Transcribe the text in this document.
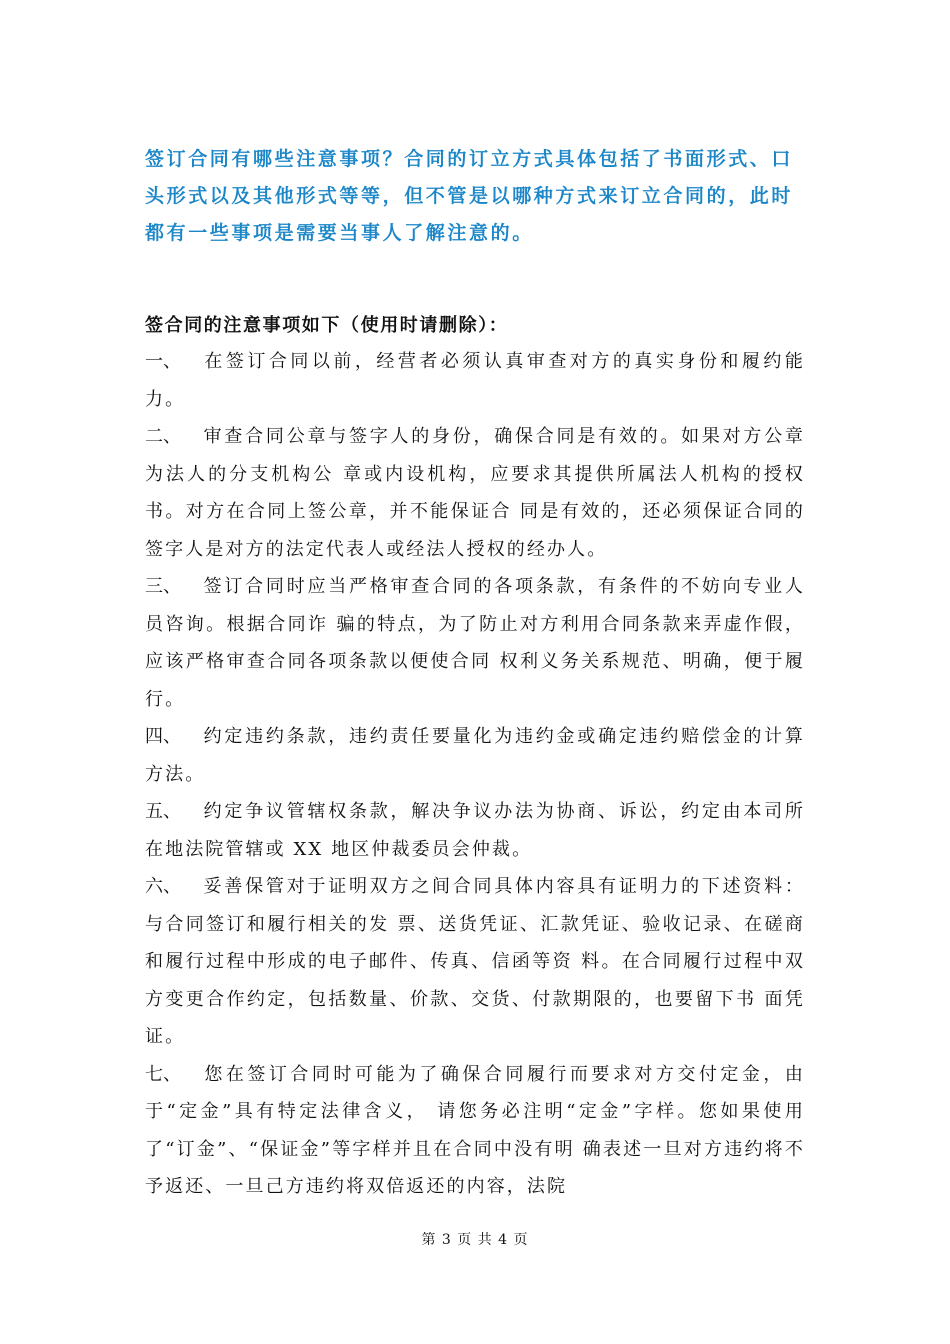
签订合同有哪些注意事项？合同的订立方式具体包括了书面形式、口头形式以及其他形式等等，但不管是以哪种方式来订立合同的，此时都有一些事项是需要当事人了解注意的。

签合同的注意事项如下（使用时请删除）：

一、 在签订合同以前，经营者必须认真审查对方的真实身份和履约能力。
二、 审查合同公章与签字人的身份，确保合同是有效的。如果对方公章为法人的分支机构公 章或内设机构，应要求其提供所属法人机构的授权书。对方在合同上签公章，并不能保证合 同是有效的，还必须保证合同的签字人是对方的法定代表人或经法人授权的经办人。
三、 签订合同时应当严格审查合同的各项条款，有条件的不妨向专业人员咨询。根据合同诈 骗的特点，为了防止对方利用合同条款来弄虚作假，应该严格审查合同各项条款以便使合同 权利义务关系规范、明确，便于履行。
四、 约定违约条款，违约责任要量化为违约金或确定违约赔偿金的计算方法。
五、 约定争议管辖权条款，解决争议办法为协商、诉讼，约定由本司所在地法院管辖或 XX 地区仲裁委员会仲裁。
六、 妥善保管对于证明双方之间合同具体内容具有证明力的下述资料：与合同签订和履行相关的发 票、送货凭证、汇款凭证、验收记录、在磋商和履行过程中形成的电子邮件、传真、信函等资 料。在合同履行过程中双方变更合作约定，包括数量、价款、交货、付款期限的，也要留下书 面凭证。
七、 您在签订合同时可能为了确保合同履行而要求对方交付定金，由于“定金”具有特定法律含义， 请您务必注明“定金”字样。您如果使用了“订金”、“保证金”等字样并且在合同中没有明 确表述一旦对方违约将不予返还、一旦己方违约将双倍返还的内容，法院
第 3 页 共 4 页
